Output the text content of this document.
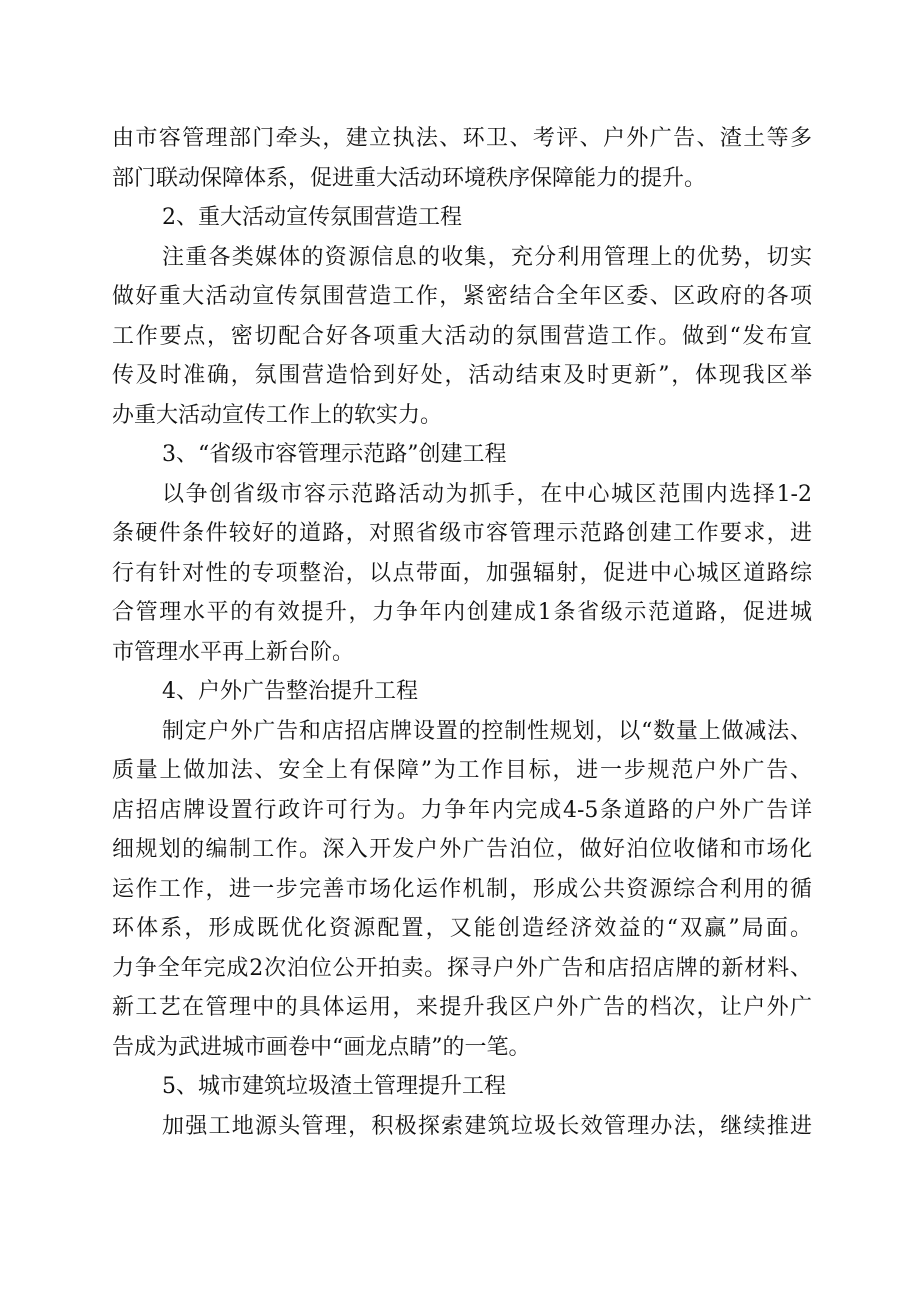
由市容管理部门牵头，建立执法、环卫、考评、户外广告、渣土等多
部门联动保障体系，促进重大活动环境秩序保障能力的提升。
2、重大活动宣传氛围营造工程
注重各类媒体的资源信息的收集，充分利用管理上的优势，切实
做好重大活动宣传氛围营造工作，紧密结合全年区委、区政府的各项
工作要点，密切配合好各项重大活动的氛围营造工作。做到“发布宣
传及时准确，氛围营造恰到好处，活动结束及时更新”，体现我区举
办重大活动宣传工作上的软实力。
3、“省级市容管理示范路”创建工程
以争创省级市容示范路活动为抓手，在中心城区范围内选择1-2
条硬件条件较好的道路，对照省级市容管理示范路创建工作要求，进
行有针对性的专项整治，以点带面，加强辐射，促进中心城区道路综
合管理水平的有效提升，力争年内创建成1条省级示范道路，促进城
市管理水平再上新台阶。
4、户外广告整治提升工程
制定户外广告和店招店牌设置的控制性规划，以“数量上做减法、
质量上做加法、安全上有保障”为工作目标，进一步规范户外广告、
店招店牌设置行政许可行为。力争年内完成4-5条道路的户外广告详
细规划的编制工作。深入开发户外广告泊位，做好泊位收储和市场化
运作工作，进一步完善市场化运作机制，形成公共资源综合利用的循
环体系，形成既优化资源配置，又能创造经济效益的“双赢”局面。
力争全年完成2次泊位公开拍卖。探寻户外广告和店招店牌的新材料、
新工艺在管理中的具体运用，来提升我区户外广告的档次，让户外广
告成为武进城市画卷中“画龙点睛”的一笔。
5、城市建筑垃圾渣土管理提升工程
加强工地源头管理，积极探索建筑垃圾长效管理办法，继续推进
